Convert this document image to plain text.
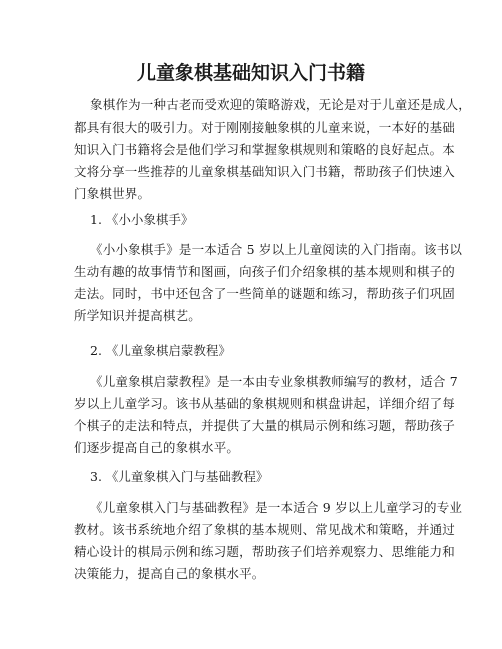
儿童象棋基础知识入门书籍
象棋作为一种古老而受欢迎的策略游戏，无论是对于儿童还是成人，
都具有很大的吸引力。对于刚刚接触象棋的儿童来说，一本好的基础
知识入门书籍将会是他们学习和掌握象棋规则和策略的良好起点。本
文将分享一些推荐的儿童象棋基础知识入门书籍，帮助孩子们快速入
门象棋世界。
1. 《小小象棋手》
《小小象棋手》是一本适合 5 岁以上儿童阅读的入门指南。该书以
生动有趣的故事情节和图画，向孩子们介绍象棋的基本规则和棋子的
走法。同时，书中还包含了一些简单的谜题和练习，帮助孩子们巩固
所学知识并提高棋艺。
2. 《儿童象棋启蒙教程》
《儿童象棋启蒙教程》是一本由专业象棋教师编写的教材，适合 7
岁以上儿童学习。该书从基础的象棋规则和棋盘讲起，详细介绍了每
个棋子的走法和特点，并提供了大量的棋局示例和练习题，帮助孩子
们逐步提高自己的象棋水平。
3. 《儿童象棋入门与基础教程》
《儿童象棋入门与基础教程》是一本适合 9 岁以上儿童学习的专业
教材。该书系统地介绍了象棋的基本规则、常见战术和策略，并通过
精心设计的棋局示例和练习题，帮助孩子们培养观察力、思维能力和
决策能力，提高自己的象棋水平。
